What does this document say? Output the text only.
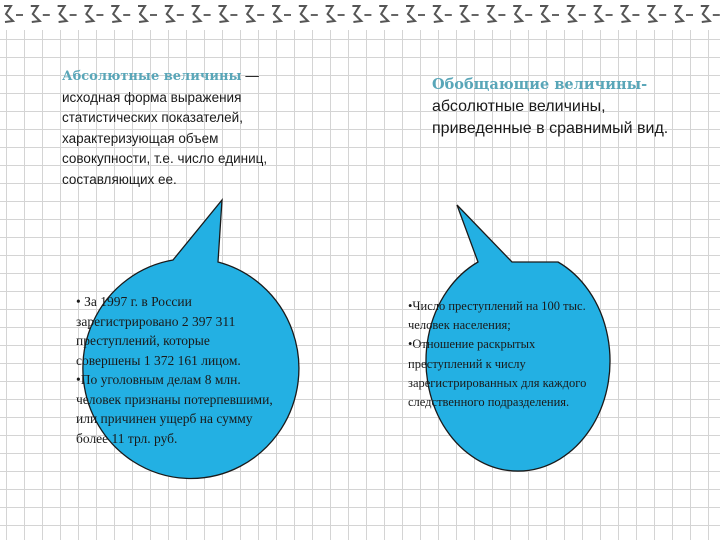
Абсолютные величины — исходная форма выражения статистических показателей, характеризующая объем совокупности, т.е. число единиц, составляющих ее.

Обобщающие величины-
абсолютные величины, приведенные в сравнимый вид.

• За 1997 г. в России зарегистрировано 2 397 311 преступлений, которые совершены 1 372 161 лицом.
•По уголовным делам 8 млн. человек признаны потерпевшими, или причинен ущерб на сумму более 11 трл. руб.
•Число преступлений на 100 тыс. человек населения;
•Отношение раскрытых преступлений к числу зарегистрированных для каждого следственного подразделения.
